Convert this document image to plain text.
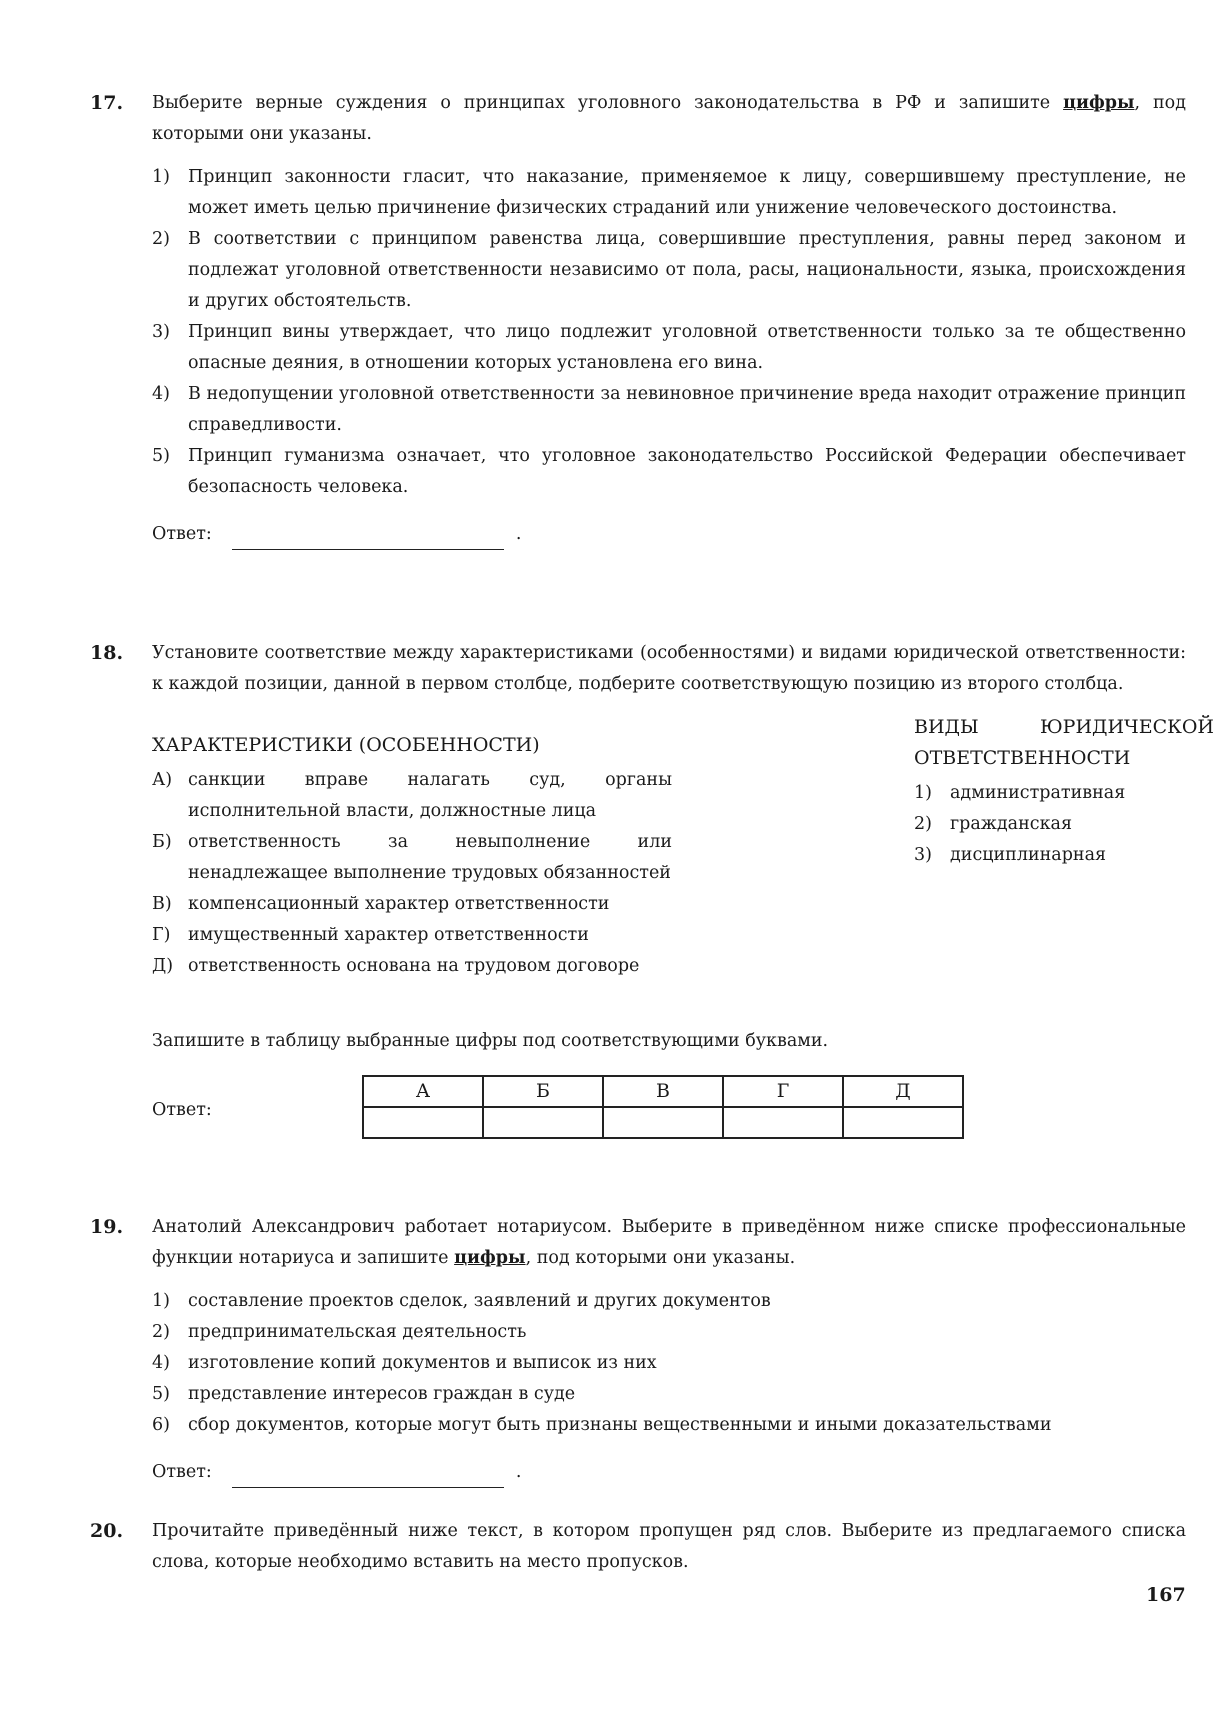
17. Выберите верные суждения о принципах уголовного законодательства в РФ и запишите цифры, под которыми они указаны.

1) Принцип законности гласит, что наказание, применяемое к лицу, совершившему преступление, не может иметь целью причинение физических страданий или унижение человеческого достоинства.
2) В соответствии с принципом равенства лица, совершившие преступления, равны перед законом и подлежат уголовной ответственности независимо от пола, расы, национальности, языка, происхождения и других обстоятельств.
3) Принцип вины утверждает, что лицо подлежит уголовной ответственности только за те общественно опасные деяния, в отношении которых установлена его вина.
4) В недопущении уголовной ответственности за невиновное причинение вреда находит отражение принцип справедливости.
5) Принцип гуманизма означает, что уголовное законодательство Российской Федерации обеспечивает безопасность человека.
Ответ:	.
18. Установите соответствие между характеристиками (особенностями) и видами юридической ответственности: к каждой позиции, данной в первом столбце, подберите соответствующую позицию из второго столбца.

ХАРАКТЕРИСТИКИ (ОСОБЕННОСТИ)
А) санкции вправе налагать суд, органы исполнительной власти, должностные лица
Б) ответственность за невыполнение или ненадлежащее выполнение трудовых обязанностей
В) компенсационный характер ответственности
Г) имущественный характер ответственности
Д) ответственность основана на трудовом договоре
ВИДЫ ЮРИДИЧЕСКОЙ ОТВЕТСТВЕННОСТИ
1) административная
2) гражданская
3) дисциплинарная

Запишите в таблицу выбранные цифры под соответствующими буквами.

Ответ:
А	Б	В	Г	Д

19. Анатолий Александрович работает нотариусом. Выберите в приведённом ниже списке профессиональные функции нотариуса и запишите цифры, под которыми они указаны.

1) составление проектов сделок, заявлений и других документов
2) предпринимательская деятельность
4) изготовление копий документов и выписок из них
5) представление интересов граждан в суде
6) сбор документов, которые могут быть признаны вещественными и иными доказательствами
Ответ:	.
20. Прочитайте приведённый ниже текст, в котором пропущен ряд слов. Выберите из предлагаемого списка слова, которые необходимо вставить на место пропусков.

167
